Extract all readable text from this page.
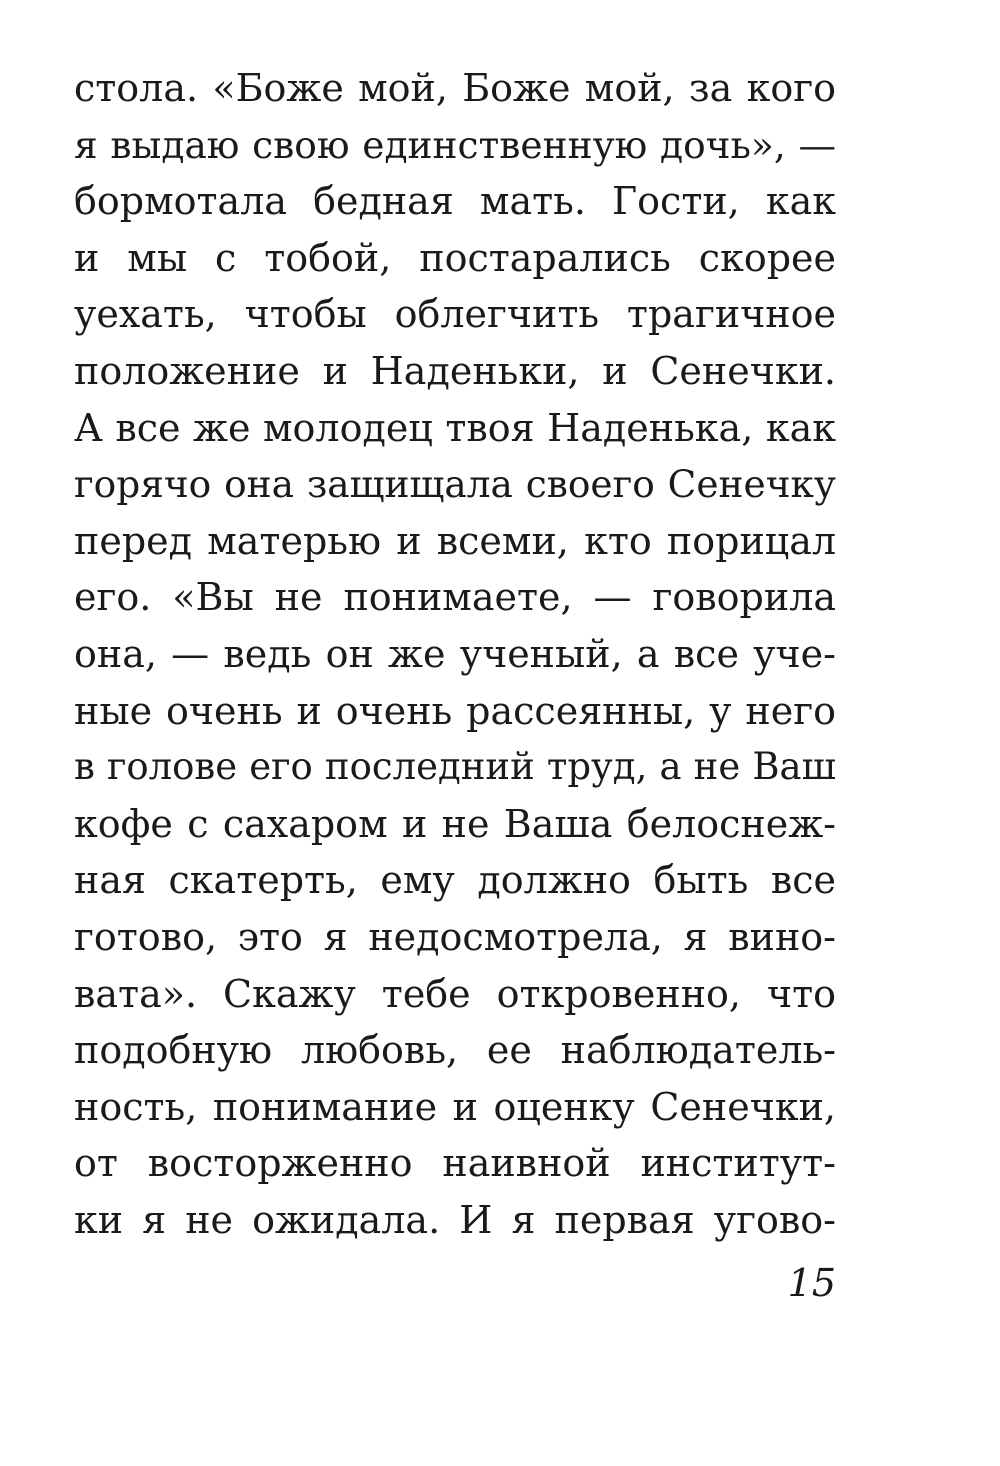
стола. «Боже мой, Боже мой, за кого
я выдаю свою единственную дочь», —
бормотала бедная мать. Гости, как
и мы с тобой, постарались скорее
уехать, чтобы облегчить трагичное
положение и Наденьки, и Сенечки.
А все же молодец твоя Наденька, как
горячо она защищала своего Сенечку
перед матерью и всеми, кто порицал
его. «Вы не понимаете, — говорила
она, — ведь он же ученый, а все уче-
ные очень и очень рассеянны, у него
в голове его последний труд, а не Ваш
кофе с сахаром и не Ваша белоснеж-
ная скатерть, ему должно быть все
готово, это я недосмотрела, я вино-
вата». Скажу тебе откровенно, что
подобную любовь, ее наблюдатель-
ность, понимание и оценку Сенечки,
от восторженно наивной институт-
ки я не ожидала. И я первая угово-
15
